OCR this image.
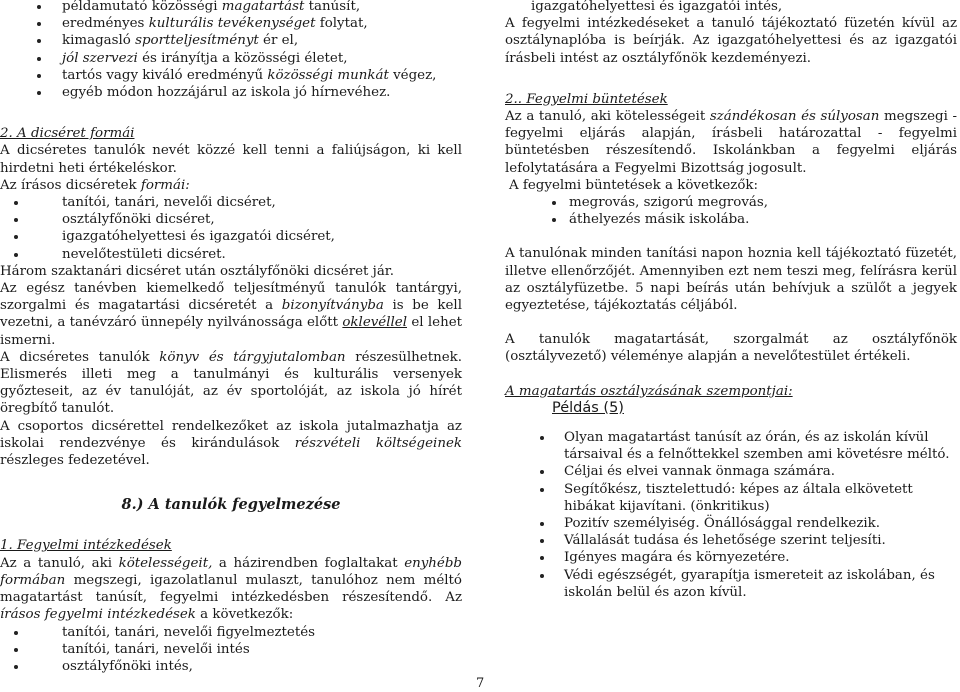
példamutató közösségi magatartást tanúsít,
eredményes kulturális tevékenységet folytat,
kimagasló sportteljesítményt ér el,
jól szervezi és irányítja a közösségi életet,
tartós vagy kiváló eredményű közösségi munkát végez,
egyéb módon hozzájárul az iskola jó hírnevéhez.

2. A dicséret formái

A dicséretes tanulók nevét közzé kell tenni a faliújságon, ki kell hirdetni heti értékeléskor.

Az írásos dicséretek formái:

tanítói, tanári, nevelői dicséret,
osztályfőnöki dicséret,
igazgatóhelyettesi és igazgatói dicséret,
nevelőtestületi dicséret.

Három szaktanári dicséret után osztályfőnöki dicséret jár.

Az egész tanévben kiemelkedő teljesítményű tanulók tantárgyi, szorgalmi és magatartási dicséretét a bizonyítványba is be kell vezetni, a tanévzáró ünnepély nyilvánossága előtt oklevéllel el lehet ismerni.

A dicséretes tanulók könyv és tárgyjutalomban részesülhetnek. Elismerés illeti meg a tanulmányi és kulturális versenyek győzteseit, az év tanulóját, az év sportolóját, az iskola jó hírét öregbítő tanulót.

A csoportos dicsérettel rendelkezőket az iskola jutalmazhatja az iskolai rendezvénye és kirándulások részvételi költségeinek részleges fedezetével.

8.) A tanulók fegyelmezése

1. Fegyelmi intézkedések

Az a tanuló, aki kötelességeit, a házirendben foglaltakat enyhébb formában megszegi, igazolatlanul mulaszt, tanulóhoz nem méltó magatartást tanúsít, fegyelmi intézkedésben részesítendő. Az írásos fegyelmi intézkedések a következők:

tanítói, tanári, nevelői figyelmeztetés
tanítói, tanári, nevelői intés
osztályfőnöki intés,
igazgatóhelyettesi és igazgatói intés,

A fegyelmi intézkedéseket a tanuló tájékoztató füzetén kívül az osztálynaplóba is beírják. Az igazgatóhelyettesi és az igazgatói írásbeli intést az osztályfőnök kezdeményezi.

2.. Fegyelmi büntetések

Az a tanuló, aki kötelességeit szándékosan és súlyosan megszegi - fegyelmi eljárás alapján, írásbeli határozattal - fegyelmi büntetésben részesítendő. Iskolánkban a fegyelmi eljárás lefolytatására a Fegyelmi Bizottság jogosult.

A fegyelmi büntetések a következők:

megrovás, szigorú megrovás,
áthelyezés másik iskolába.

A tanulónak minden tanítási napon hoznia kell tájékoztató füzetét, illetve ellenőrzőjét. Amennyiben ezt nem teszi meg, felírásra kerül az osztályfüzetbe. 5 napi beírás után behívjuk a szülőt a jegyek egyeztetése, tájékoztatás céljából.

A tanulók magatartását, szorgalmát az osztályfőnök (osztályvezető) véleménye alapján a nevelőtestület értékeli.

A magatartás osztályzásának szempontjai:

Példás (5)

Olyan magatartást tanúsít az órán, és az iskolán kívül társaival és a felnőttekkel szemben ami követésre méltó.
Céljai és elvei vannak önmaga számára.
Segítőkész, tisztelettudó: képes az általa elkövetett hibákat kijavítani. (önkritikus)
Pozitív személyiség. Önállósággal rendelkezik.
Vállalását tudása és lehetősége szerint teljesíti.
Igényes magára és környezetére.
Védi egészségét, gyarapítja ismereteit az iskolában, és iskolán belül és azon kívül.
7
